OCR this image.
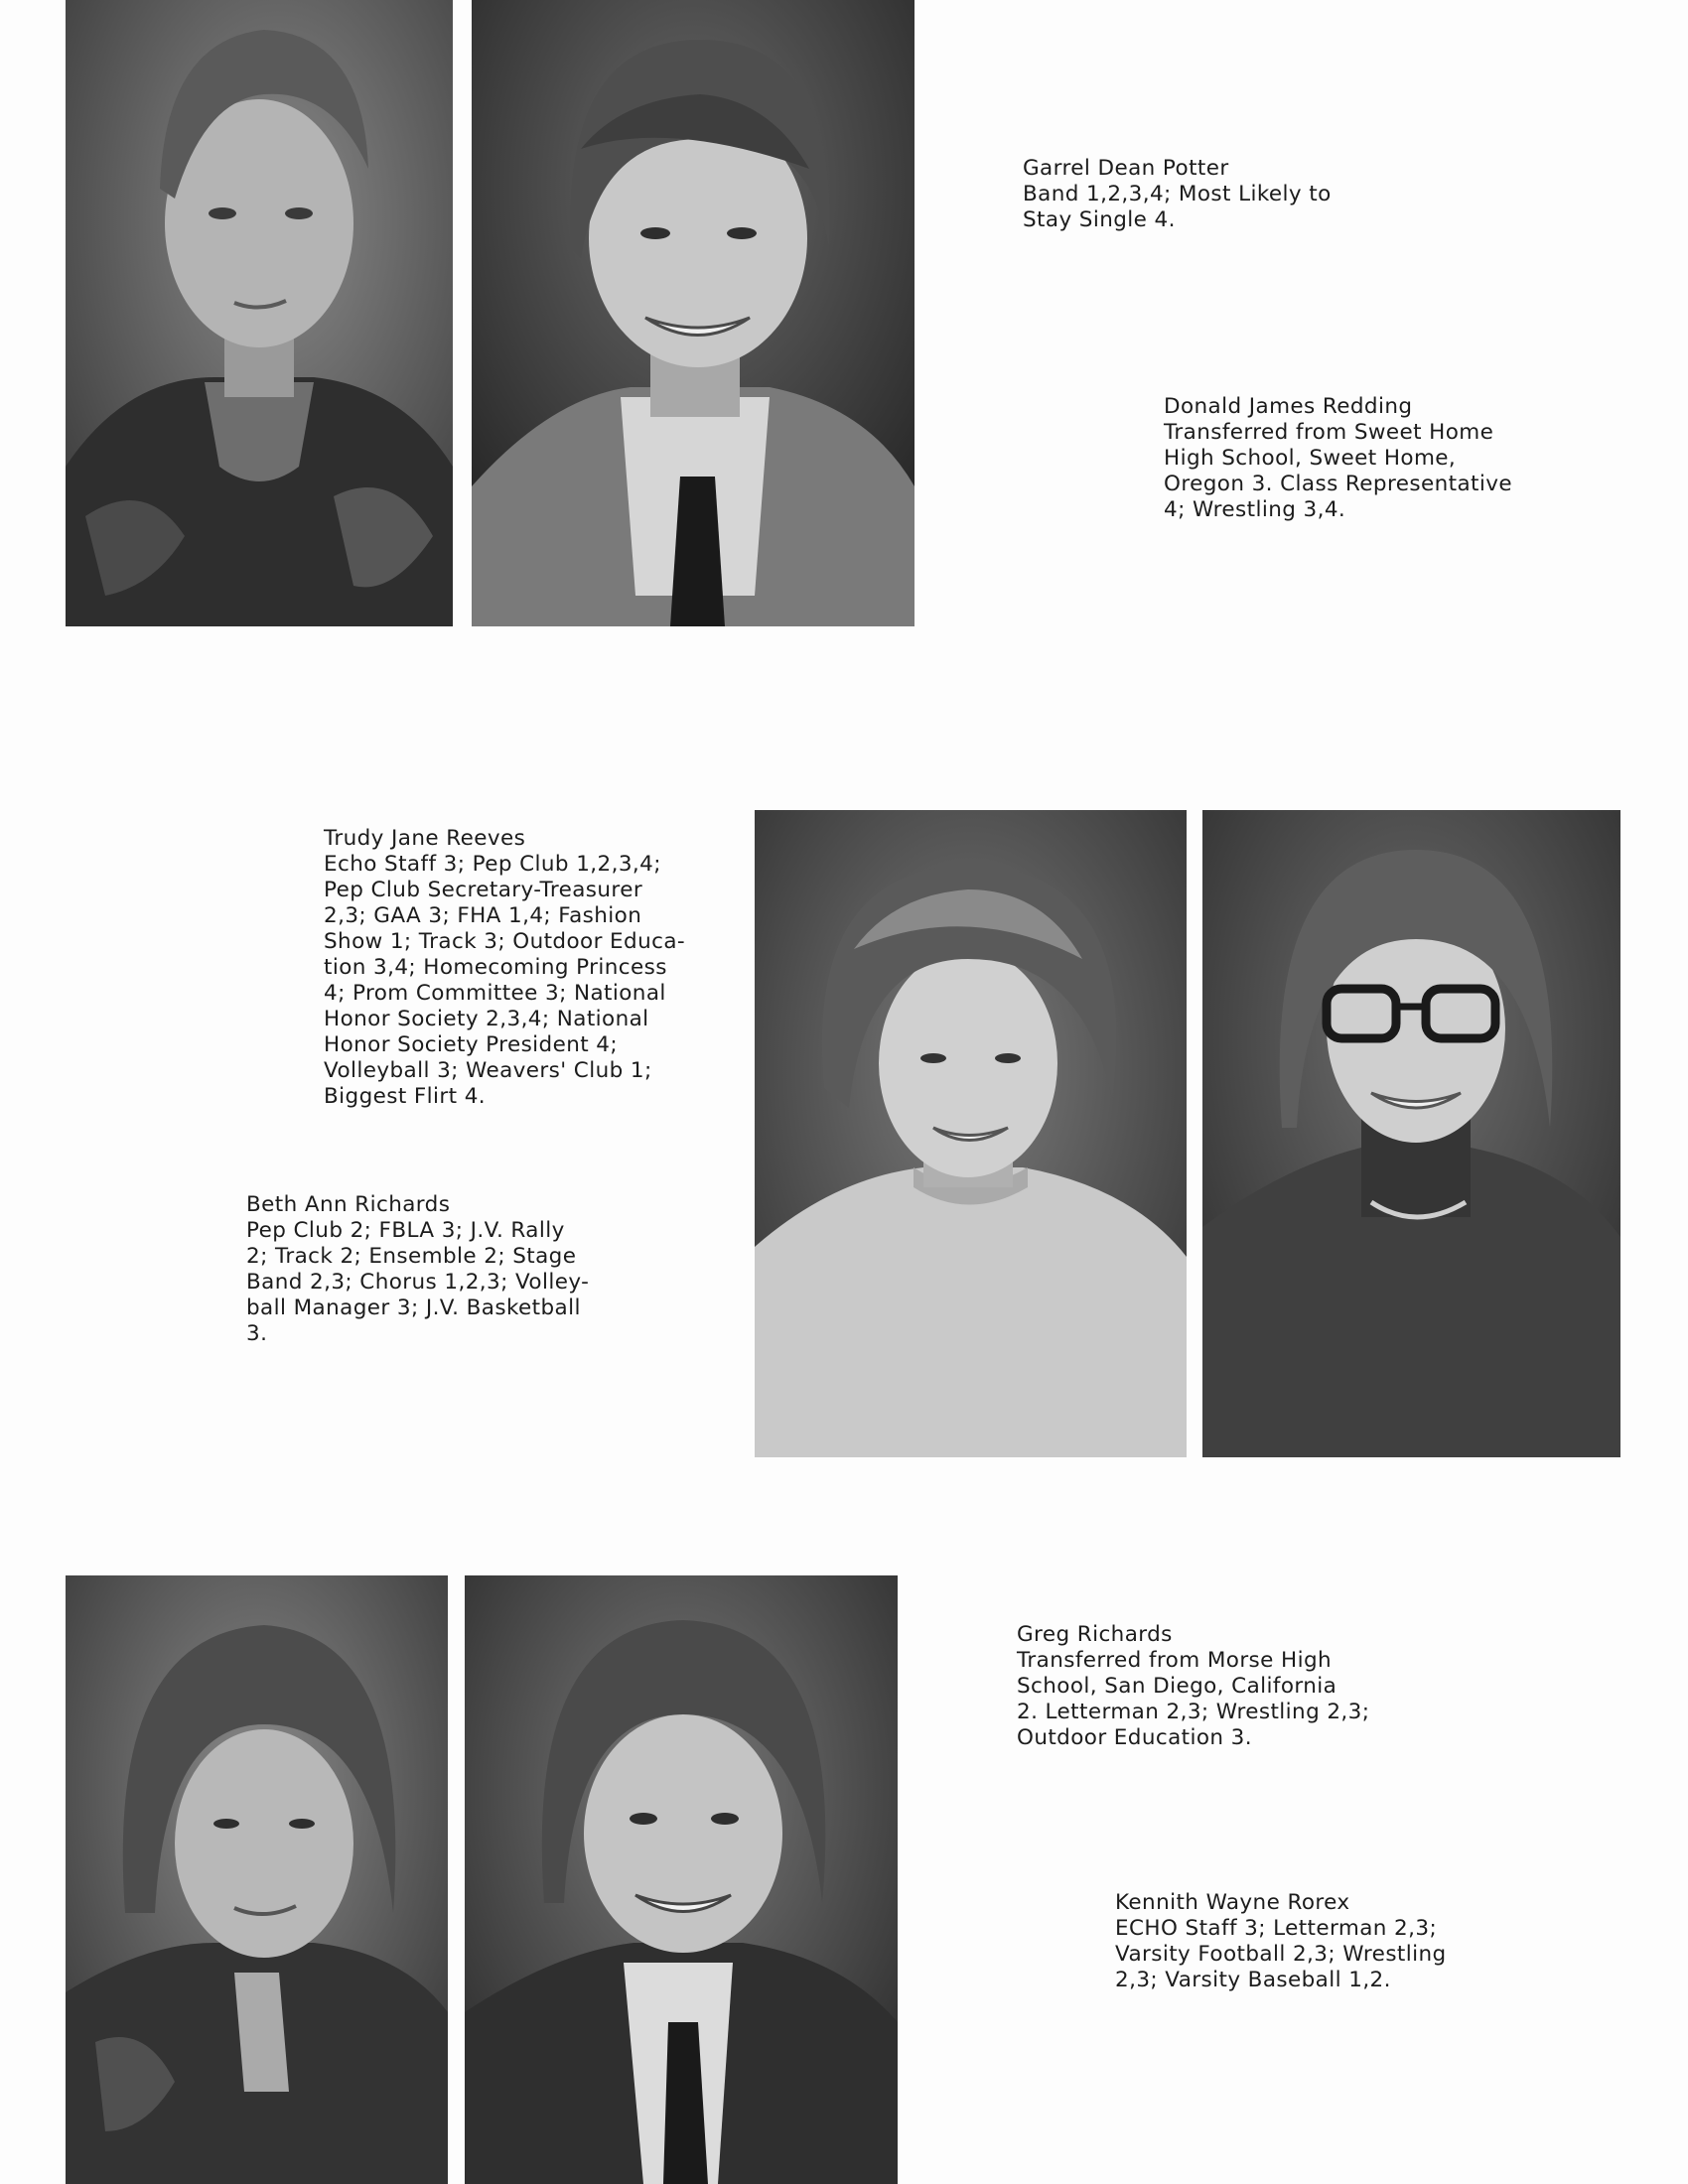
Garrel Dean Potter
Band 1,2,3,4; Most Likely to
Stay Single 4.
Donald James Redding
Transferred from Sweet Home
High School, Sweet Home,
Oregon 3. Class Representative
4; Wrestling 3,4.
Trudy Jane Reeves
Echo Staff 3; Pep Club 1,2,3,4;
Pep Club Secretary-Treasurer
2,3; GAA 3; FHA 1,4; Fashion
Show 1; Track 3; Outdoor Educa-
tion 3,4; Homecoming Princess
4; Prom Committee 3; National
Honor Society 2,3,4; National
Honor Society President 4;
Volleyball 3; Weavers' Club 1;
Biggest Flirt 4.
Beth Ann Richards
Pep Club 2; FBLA 3; J.V. Rally
2; Track 2; Ensemble 2; Stage
Band 2,3; Chorus 1,2,3; Volley-
ball Manager 3; J.V. Basketball
3.
Greg Richards
Transferred from Morse High
School, San Diego, California
2. Letterman 2,3; Wrestling 2,3;
Outdoor Education 3.
Kennith Wayne Rorex
ECHO Staff 3; Letterman 2,3;
Varsity Football 2,3; Wrestling
2,3; Varsity Baseball 1,2.
